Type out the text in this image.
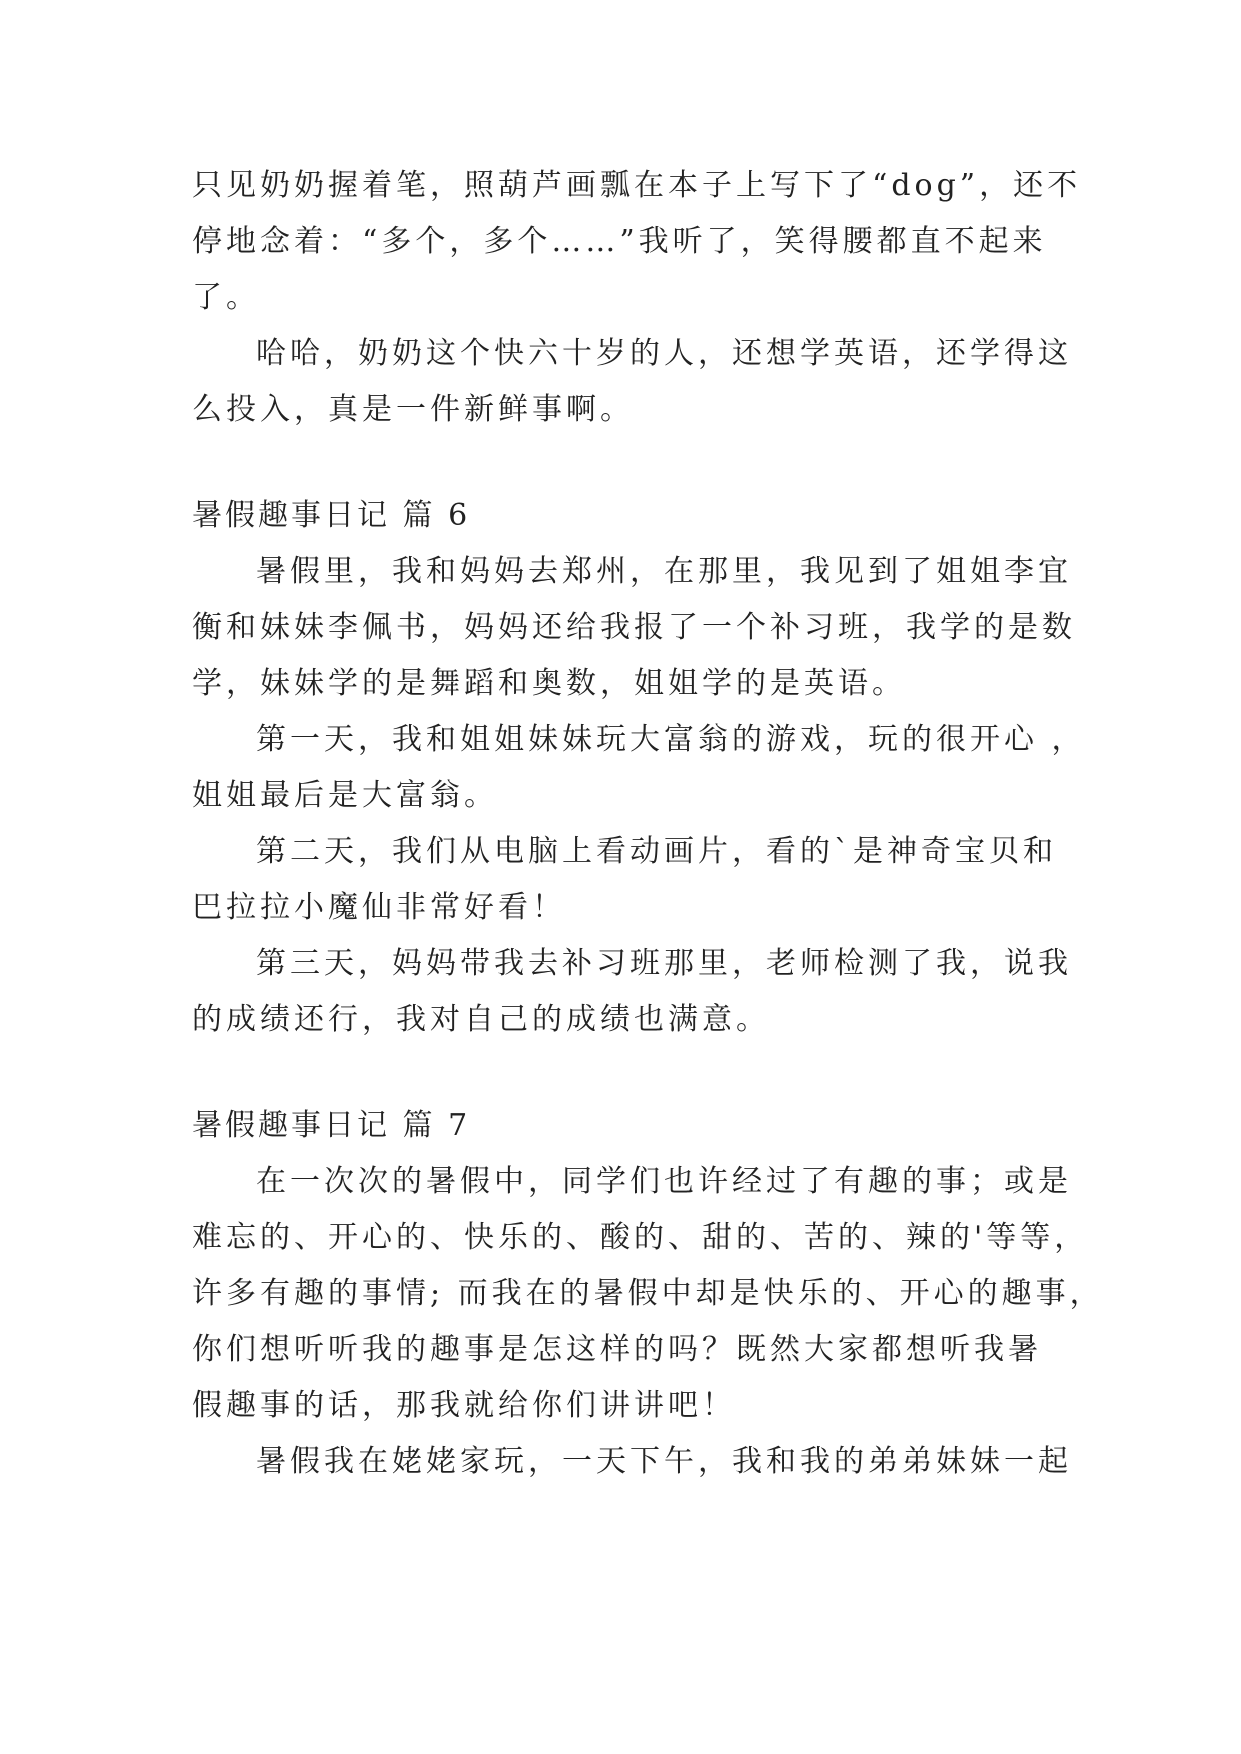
只见奶奶握着笔，照葫芦画瓢在本子上写下了“dog”，还不
停地念着：“多个，多个……”我听了，笑得腰都直不起来
了。
哈哈，奶奶这个快六十岁的人，还想学英语，还学得这
么投入，真是一件新鲜事啊。
暑假趣事日记 篇 6
暑假里，我和妈妈去郑州，在那里，我见到了姐姐李宜
衡和妹妹李佩书，妈妈还给我报了一个补习班，我学的是数
学，妹妹学的是舞蹈和奥数，姐姐学的是英语。
第一天，我和姐姐妹妹玩大富翁的游戏，玩的很开心 ，
姐姐最后是大富翁。
第二天，我们从电脑上看动画片，看的`是神奇宝贝和
巴拉拉小魔仙非常好看！
第三天，妈妈带我去补习班那里，老师检测了我，说我
的成绩还行，我对自己的成绩也满意。
暑假趣事日记 篇 7
在一次次的暑假中，同学们也许经过了有趣的事；或是
难忘的、开心的、快乐的、酸的、甜的、苦的、辣的'等等，
许多有趣的事情; 而我在的暑假中却是快乐的、开心的趣事，
你们想听听我的趣事是怎这样的吗？既然大家都想听我暑
假趣事的话，那我就给你们讲讲吧！
暑假我在姥姥家玩，一天下午，我和我的弟弟妹妹一起
